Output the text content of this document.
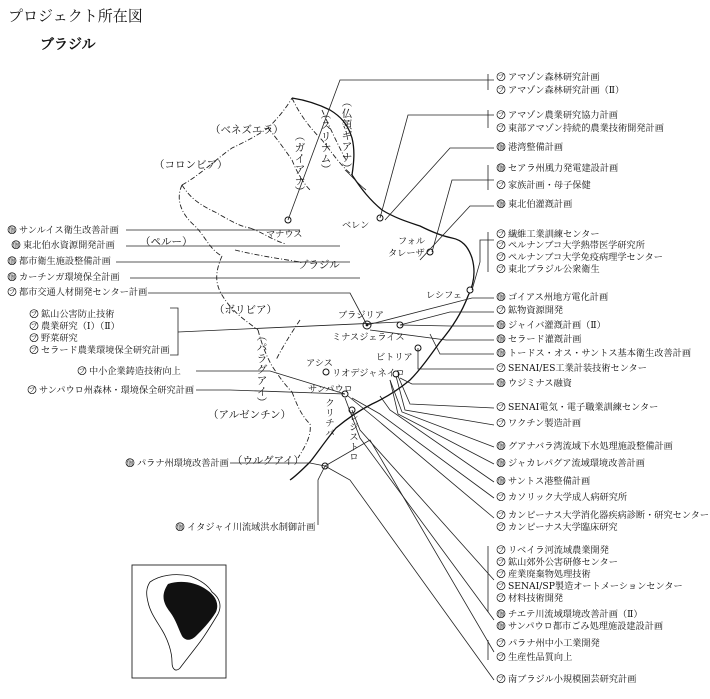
プロジェクト所在図
ブラジル
（ベネズエラ）
（コロンビア）
（ペルー）
ブラジル
（ボリビア）
（アルゼンチン）
（ウルグアイ）
（
ガ
イ
ア
ナ
）
（
ス
リ
ナ
ム
）
（
仏
領
ギ
ア
ナ
）
（
パ
ラ
グ
ア
イ
）
マナウス
ベレン
フォル
タレーザ
レシフェ
ブラジリア
ミナスジェライス
ビトリア
リオデジャネイロ
アシス
サンパウロ
ク
リ
チ
バ
レ
ジ
ス
ト
ロ
プ アマゾン森林研究計画
プ アマゾン森林研究計画（Ⅱ）
プ アマゾン農業研究協力計画
プ 東部アマゾン持続的農業技術開発計画
個 港湾整備計画
個 セアラ州風力発電建設計画
プ 家族計画・母子保健
個 東北伯灌漑計画
プ 繊維工業訓練センター
プ ペルナンブコ大学熱帯医学研究所
プ ペルナンブコ大学免疫病理学センター
プ 東北ブラジル公衆衛生
個 ゴイアス州地方電化計画
プ 鉱物資源開発
個 ジャイバ灌漑計画（Ⅱ）
個 セラード灌漑計画
個 トードス・オス・サントス基本衛生改善計画
プ SENAI/ES工業計装技術センター
個 ウジミナス融資
プ SENAI電気・電子職業訓練センター
プ ワクチン製造計画
個 グアナバラ湾流域下水処理施設整備計画
個 ジャカレパグア流域環境改善計画
個 サントス港整備計画
プ カソリック大学成人病研究所
プ カンピーナス大学消化器疾病診断・研究センター
プ カンピーナス大学臨床研究
プ リベイラ河流域農業開発
プ 鉱山郊外公害研修センター
プ 産業廃棄物処理技術
プ SENAI/SP製造オートメーションセンター
プ 材料技術開発
個 チエテ川流域環境改善計画（Ⅱ）
個 サンパウロ都市ごみ処理施設建設計画
プ パラナ州中小工業開発
プ 生産性品質向上
プ 南ブラジル小規模園芸研究計画
個 サンルイス衛生改善計画
個 東北伯水資源開発計画
個 都市衛生施設整備計画
個 カーチンガ環境保全計画
プ 都市交通人材開発センター計画
プ 鉱山公害防止技術
プ 農業研究（Ⅰ）（Ⅱ）
プ 野菜研究
プ セラード農業環境保全研究計画
プ 中小企業鋳造技術向上
プ サンパウロ州森林・環境保全研究計画
個 パラナ州環境改善計画
個 イタジャイ川流域洪水制御計画
